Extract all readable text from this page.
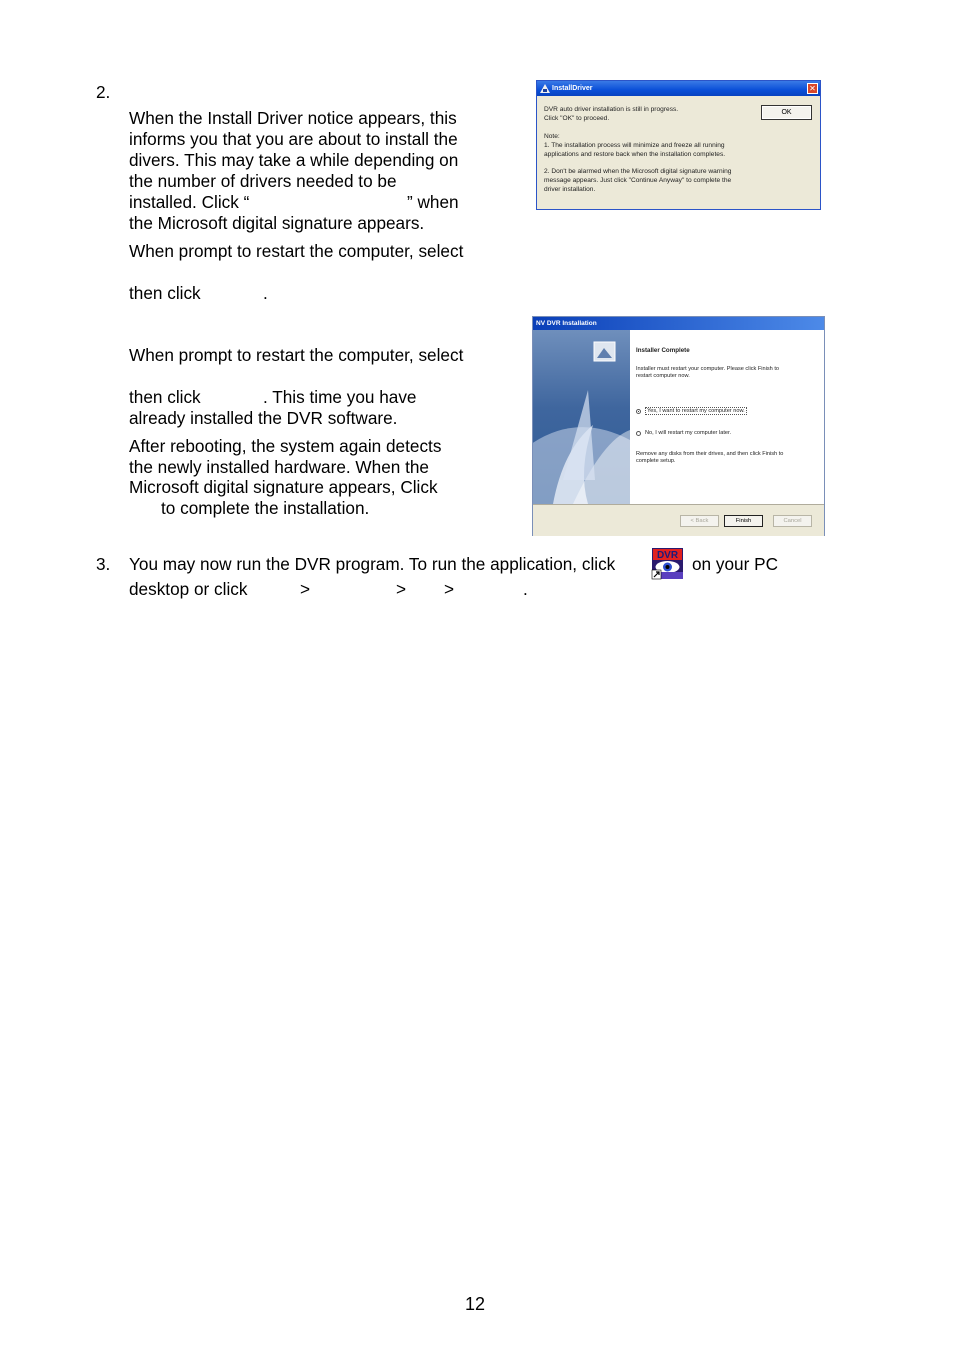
2.
When the Install Driver notice appears, this
informs you that you are about to install the
divers. This may take a while depending on
the number of drivers needed to be
installed. Click “	” when
the Microsoft digital signature appears.
When prompt to restart the computer, select
then click	.
When prompt to restart the computer, select
then click	. This time you have
already installed the DVR software.
After rebooting, the system again detects
the newly installed hardware. When the
Microsoft digital signature appears, Click
to complete the installation.
InstallDriver	✕
DVR auto driver installation is still in progress.
Click "OK" to proceed.
Note:
1. The installation process will minimize and freeze all running
applications and restore back when the installation completes.
2. Don't be alarmed when the Microsoft digital signature warning
message appears. Just click "Continue Anyway" to complete the
driver installation.
OK
NV DVR Installation
Installer Complete
Installer must restart your computer. Please click Finish to
restart computer now.
Yes, I want to restart my computer now.
No, I will restart my computer later.
Remove any disks from their drives, and then click Finish to
complete setup.
< Back	Finish	Cancel
3. You may now run the DVR program. To run the application, click	DVR on your PC
desktop or click	>	> >	.
12
